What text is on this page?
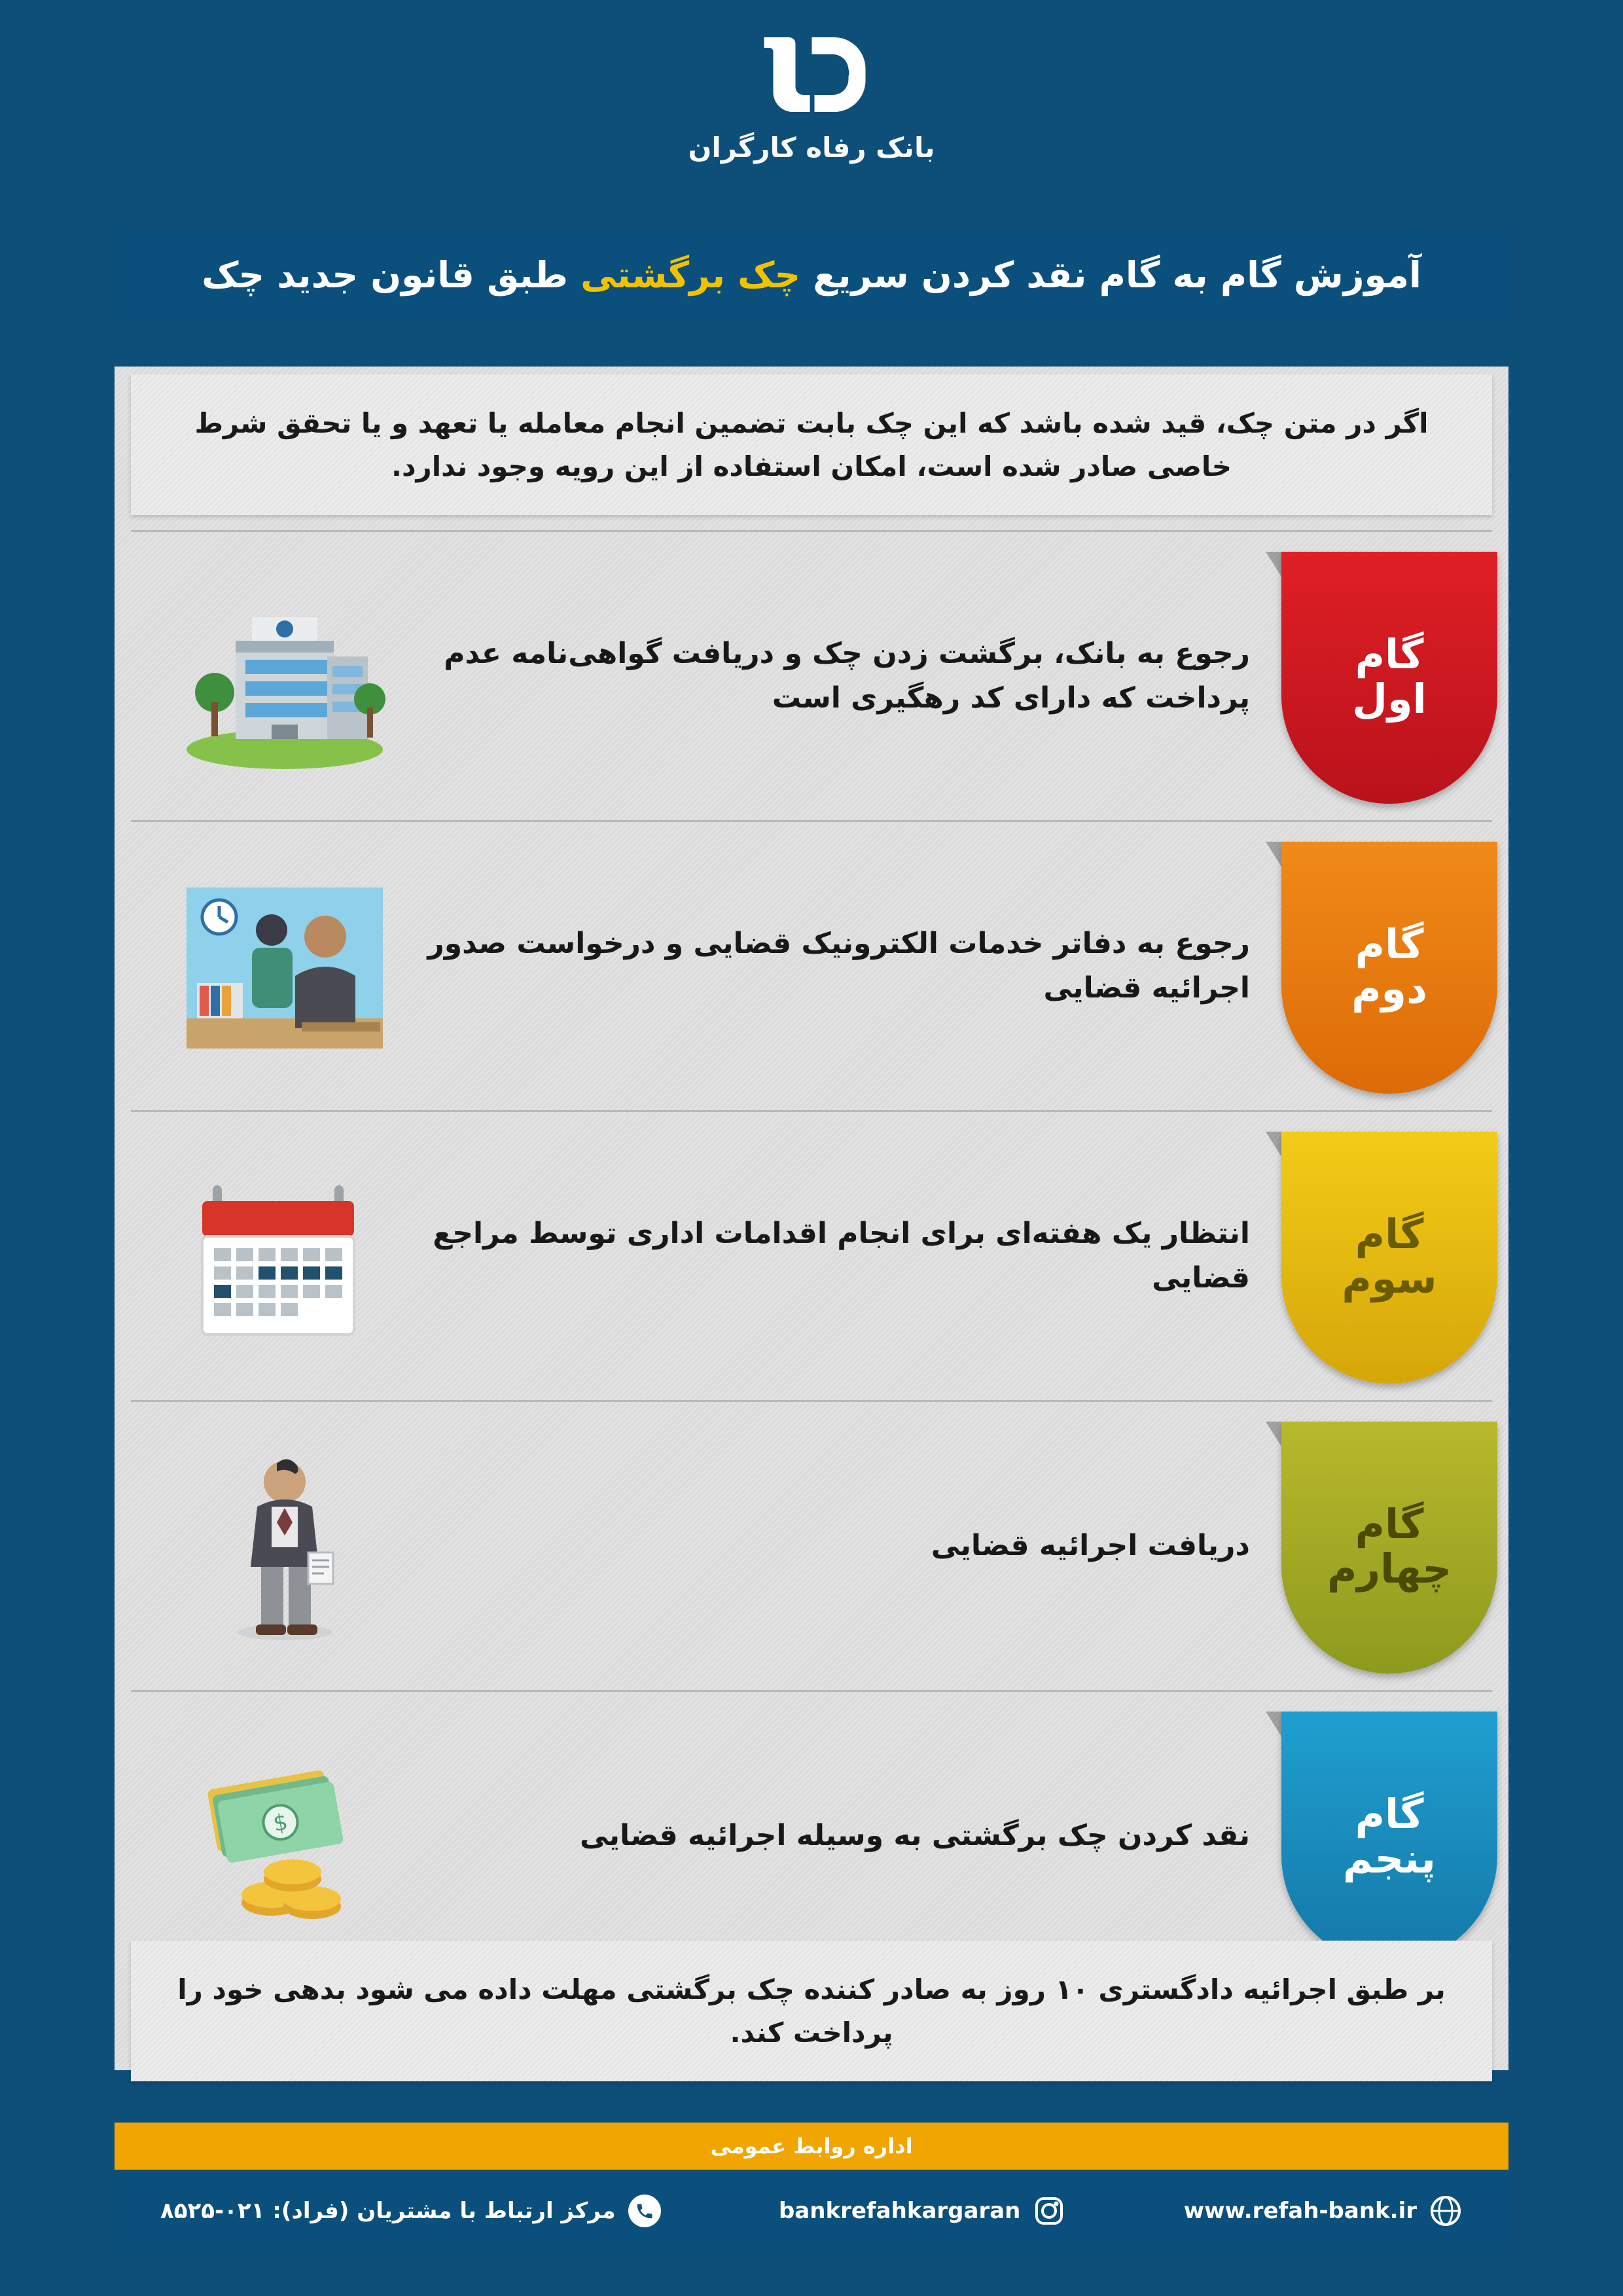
بانک رفاه کارگران
آموزش گام به گام نقد کردن سریع چک برگشتی طبق قانون جدید چک

اگر در متن چک، قید شده باشد که این چک بابت تضمین انجام معامله یا تعهد و یا تحقق شرط خاصی صادر شده است، امکان استفاده از این رویه وجود ندارد.

گام
اول
رجوع به بانک، برگشت زدن چک و دریافت گواهی‌نامه عدم پرداخت که دارای کد رهگیری است
گام
دوم
رجوع به دفاتر خدمات الکترونیک قضایی و درخواست صدور اجرائیه قضایی
گام
سوم
انتظار یک هفته‌ای برای انجام اقدامات اداری توسط مراجع قضایی
گام
چهارم
دریافت اجرائیه قضایی
گام
پنجم
نقد کردن چک برگشتی به وسیله اجرائیه قضایی
$

بر طبق اجرائیه دادگستری ۱۰ روز به صادر کننده چک برگشتی مهلت داده می شود بدهی خود را پرداخت کند.

اداره روابط عمومی
www.refah-bank.ir
bankrefahkargaran
مرکز ارتباط با مشتریان (فراد): ۰۲۱-۸۵۲۵
